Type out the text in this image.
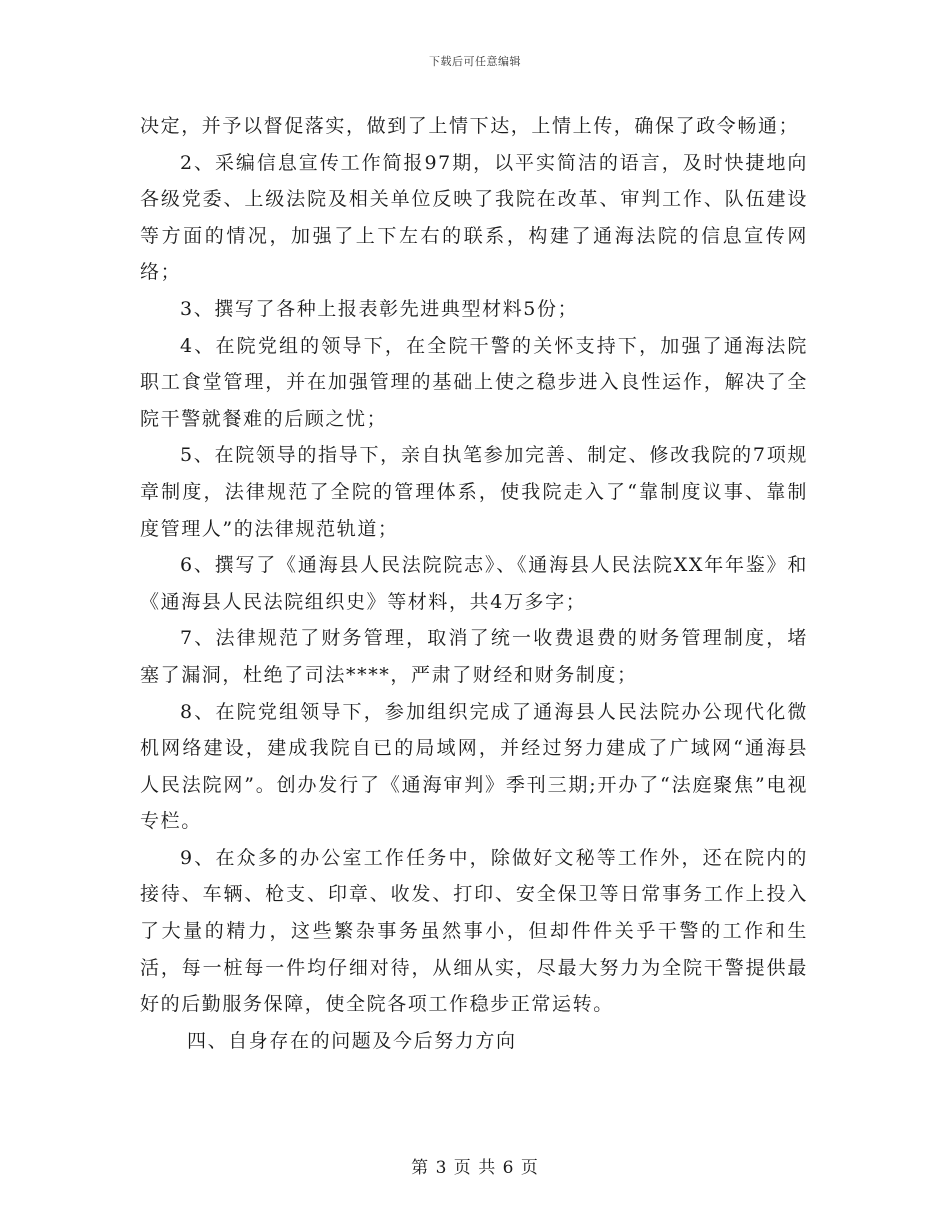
下载后可任意编辑

决定，并予以督促落实，做到了上情下达，上情上传，确保了政令畅通；

2、采编信息宣传工作简报97期，以平实简洁的语言，及时快捷地向各级党委、上级法院及相关单位反映了我院在改革、审判工作、队伍建设等方面的情况，加强了上下左右的联系，构建了通海法院的信息宣传网络；

3、撰写了各种上报表彰先进典型材料5份；

4、在院党组的领导下，在全院干警的关怀支持下，加强了通海法院职工食堂管理，并在加强管理的基础上使之稳步进入良性运作，解决了全院干警就餐难的后顾之忧；

5、在院领导的指导下，亲自执笔参加完善、制定、修改我院的7项规章制度，法律规范了全院的管理体系，使我院走入了“靠制度议事、靠制度管理人”的法律规范轨道；

6、撰写了《通海县人民法院院志》、《通海县人民法院XX年年鉴》和《通海县人民法院组织史》等材料，共4万多字；

7、法律规范了财务管理，取消了统一收费退费的财务管理制度，堵塞了漏洞，杜绝了司法****，严肃了财经和财务制度；

8、在院党组领导下，参加组织完成了通海县人民法院办公现代化微机网络建设，建成我院自已的局域网，并经过努力建成了广域网“通海县人民法院网”。创办发行了《通海审判》季刊三期;开办了“法庭聚焦”电视专栏。

9、在众多的办公室工作任务中，除做好文秘等工作外，还在院内的接待、车辆、枪支、印章、收发、打印、安全保卫等日常事务工作上投入了大量的精力，这些繁杂事务虽然事小，但却件件关乎干警的工作和生活，每一桩每一件均仔细对待，从细从实，尽最大努力为全院干警提供最好的后勤服务保障，使全院各项工作稳步正常运转。

四、自身存在的问题及今后努力方向

第 3 页 共 6 页
